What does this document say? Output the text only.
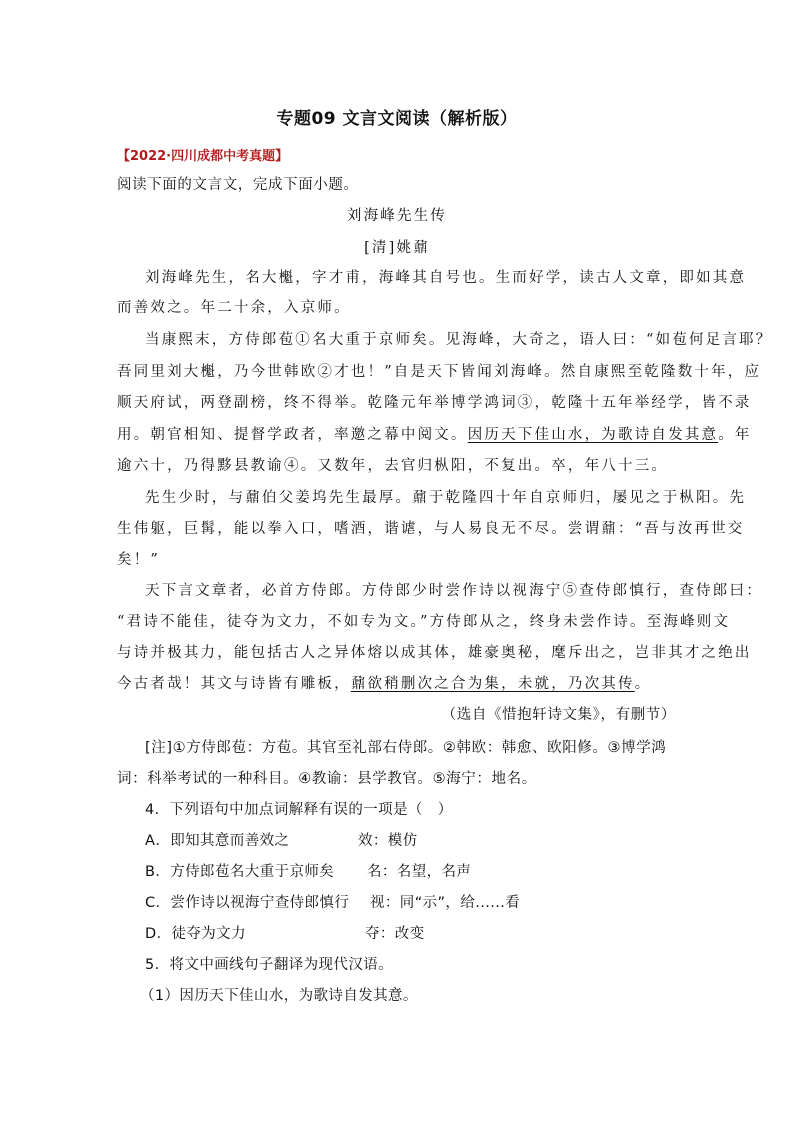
专题09 文言文阅读（解析版）
【2022·四川成都中考真题】
阅读下面的文言文，完成下面小题。
刘海峰先生传
[清]姚鼐
刘海峰先生，名大櫆，字才甫，海峰其自号也。生而好学，读古人文章，即如其意
而善效之。年二十余，入京师。
当康熙末，方侍郎苞①名大重于京师矣。见海峰，大奇之，语人曰：“如苞何足言耶？
吾同里刘大櫆，乃今世韩欧②才也！”自是天下皆闻刘海峰。然自康熙至乾隆数十年，应
顺天府试，两登副榜，终不得举。乾隆元年举博学鸿词③，乾隆十五年举经学，皆不录
用。朝官相知、提督学政者，率邀之幕中阅文。因历天下佳山水，为歌诗自发其意。年
逾六十，乃得黟县教谕④。又数年，去官归枞阳，不复出。卒，年八十三。
先生少时，与鼐伯父姜坞先生最厚。鼐于乾隆四十年自京师归，屡见之于枞阳。先
生伟躯，巨髯，能以拳入口，嗜酒，谐谑，与人易良无不尽。尝谓鼐：“吾与汝再世交
矣！”
天下言文章者，必首方侍郎。方侍郎少时尝作诗以视海宁⑤查侍郎慎行，查侍郎曰：
“君诗不能佳，徒夺为文力，不如专为文。”方侍郎从之，终身未尝作诗。至海峰则文
与诗并极其力，能包括古人之异体熔以成其体，雄豪奥秘，麾斥出之，岂非其才之绝出
今古者哉！其文与诗皆有雕板，鼐欲稍删次之合为集，未就，乃次其传。
（选自《惜抱轩诗文集》，有删节）
[注]①方侍郎苞：方苞。其官至礼部右侍郎。②韩欧：韩愈、欧阳修。③博学鸿
词：科举考试的一种科目。④教谕：县学教官。⑤海宁：地名。
4．下列语句中加点词解释有误的一项是（　）
A．即知其意而善效之	效：模仿
B．方侍郎苞名大重于京师矣 名：名望，名声
C．尝作诗以视海宁查侍郎慎行 视：同“示”，给......看
D．徒夺为文力	夺：改变
5．将文中画线句子翻译为现代汉语。
（1）因历天下佳山水，为歌诗自发其意。
